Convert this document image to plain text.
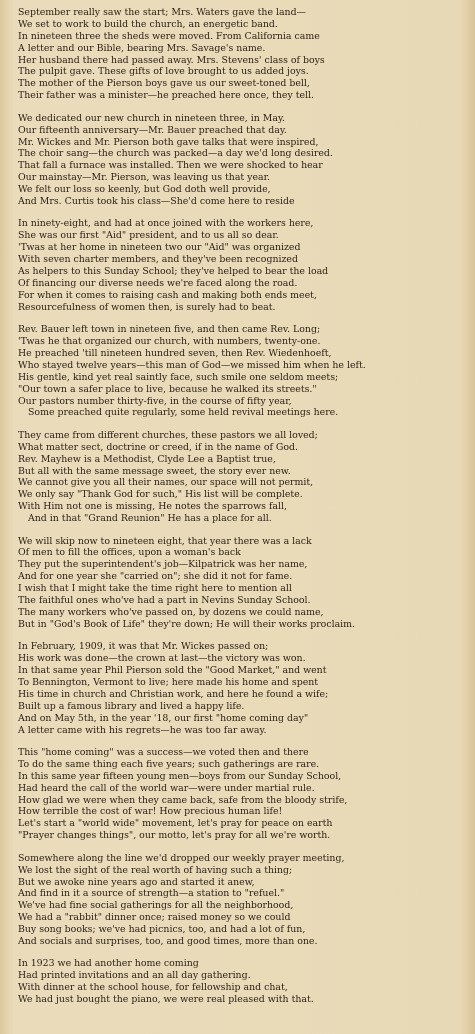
September really saw the start; Mrs. Waters gave the land—
We set to work to build the church, an energetic band.
In nineteen three the sheds were moved. From California came
A letter and our Bible, bearing Mrs. Savage's name.
Her husband there had passed away. Mrs. Stevens' class of boys
The pulpit gave. These gifts of love brought to us added joys.
The mother of the Pierson boys gave us our sweet-toned bell,
Their father was a minister—he preached here once, they tell.
We dedicated our new church in nineteen three, in May.
Our fifteenth anniversary—Mr. Bauer preached that day.
Mr. Wickes and Mr. Pierson both gave talks that were inspired,
The choir sang—the church was packed—a day we'd long desired.
That fall a furnace was installed. Then we were shocked to hear
Our mainstay—Mr. Pierson, was leaving us that year.
We felt our loss so keenly, but God doth well provide,
And Mrs. Curtis took his class—She'd come here to reside
In ninety-eight, and had at once joined with the workers here,
She was our first "Aid" president, and to us all so dear.
'Twas at her home in nineteen two our "Aid" was organized
With seven charter members, and they've been recognized
As helpers to this Sunday School; they've helped to bear the load
Of financing our diverse needs we're faced along the road.
For when it comes to raising cash and making both ends meet,
Resourcefulness of women then, is surely had to beat.
Rev. Bauer left town in nineteen five, and then came Rev. Long;
'Twas he that organized our church, with numbers, twenty-one.
He preached 'till nineteen hundred seven, then Rev. Wiedenhoeft,
Who stayed twelve years—this man of God—we missed him when he left.
His gentle, kind yet real saintly face, such smile one seldom meets;
"Our town a safer place to live, because he walked its streets."
Our pastors number thirty-five, in the course of fifty year,
Some preached quite regularly, some held revival meetings here.
They came from different churches, these pastors we all loved;
What matter sect, doctrine or creed, if in the name of God.
Rev. Mayhew is a Methodist, Clyde Lee a Baptist true,
But all with the same message sweet, the story ever new.
We cannot give you all their names, our space will not permit,
We only say "Thank God for such," His list will be complete.
With Him not one is missing, He notes the sparrows fall,
And in that "Grand Reunion" He has a place for all.
We will skip now to nineteen eight, that year there was a lack
Of men to fill the offices, upon a woman's back
They put the superintendent's job—Kilpatrick was her name,
And for one year she "carried on"; she did it not for fame.
I wish that I might take the time right here to mention all
The faithful ones who've had a part in Nevins Sunday School.
The many workers who've passed on, by dozens we could name,
But in "God's Book of Life" they're down; He will their works proclaim.
In February, 1909, it was that Mr. Wickes passed on;
His work was done—the crown at last—the victory was won.
In that same year Phil Pierson sold the "Good Market," and went
To Bennington, Vermont to live; here made his home and spent
His time in church and Christian work, and here he found a wife;
Built up a famous library and lived a happy life.
And on May 5th, in the year '18, our first "home coming day"
A letter came with his regrets—he was too far away.
This "home coming" was a success—we voted then and there
To do the same thing each five years; such gatherings are rare.
In this same year fifteen young men—boys from our Sunday School,
Had heard the call of the world war—were under martial rule.
How glad we were when they came back, safe from the bloody strife,
How terrible the cost of war! How precious human life!
Let's start a "world wide" movement, let's pray for peace on earth
"Prayer changes things", our motto, let's pray for all we're worth.
Somewhere along the line we'd dropped our weekly prayer meeting,
We lost the sight of the real worth of having such a thing;
But we awoke nine years ago and started it anew,
And find in it a source of strength—a station to "refuel."
We've had fine social gatherings for all the neighborhood,
We had a "rabbit" dinner once; raised money so we could
Buy song books; we've had picnics, too, and had a lot of fun,
And socials and surprises, too, and good times, more than one.
In 1923 we had another home coming
Had printed invitations and an all day gathering.
With dinner at the school house, for fellowship and chat,
We had just bought the piano, we were real pleased with that.
